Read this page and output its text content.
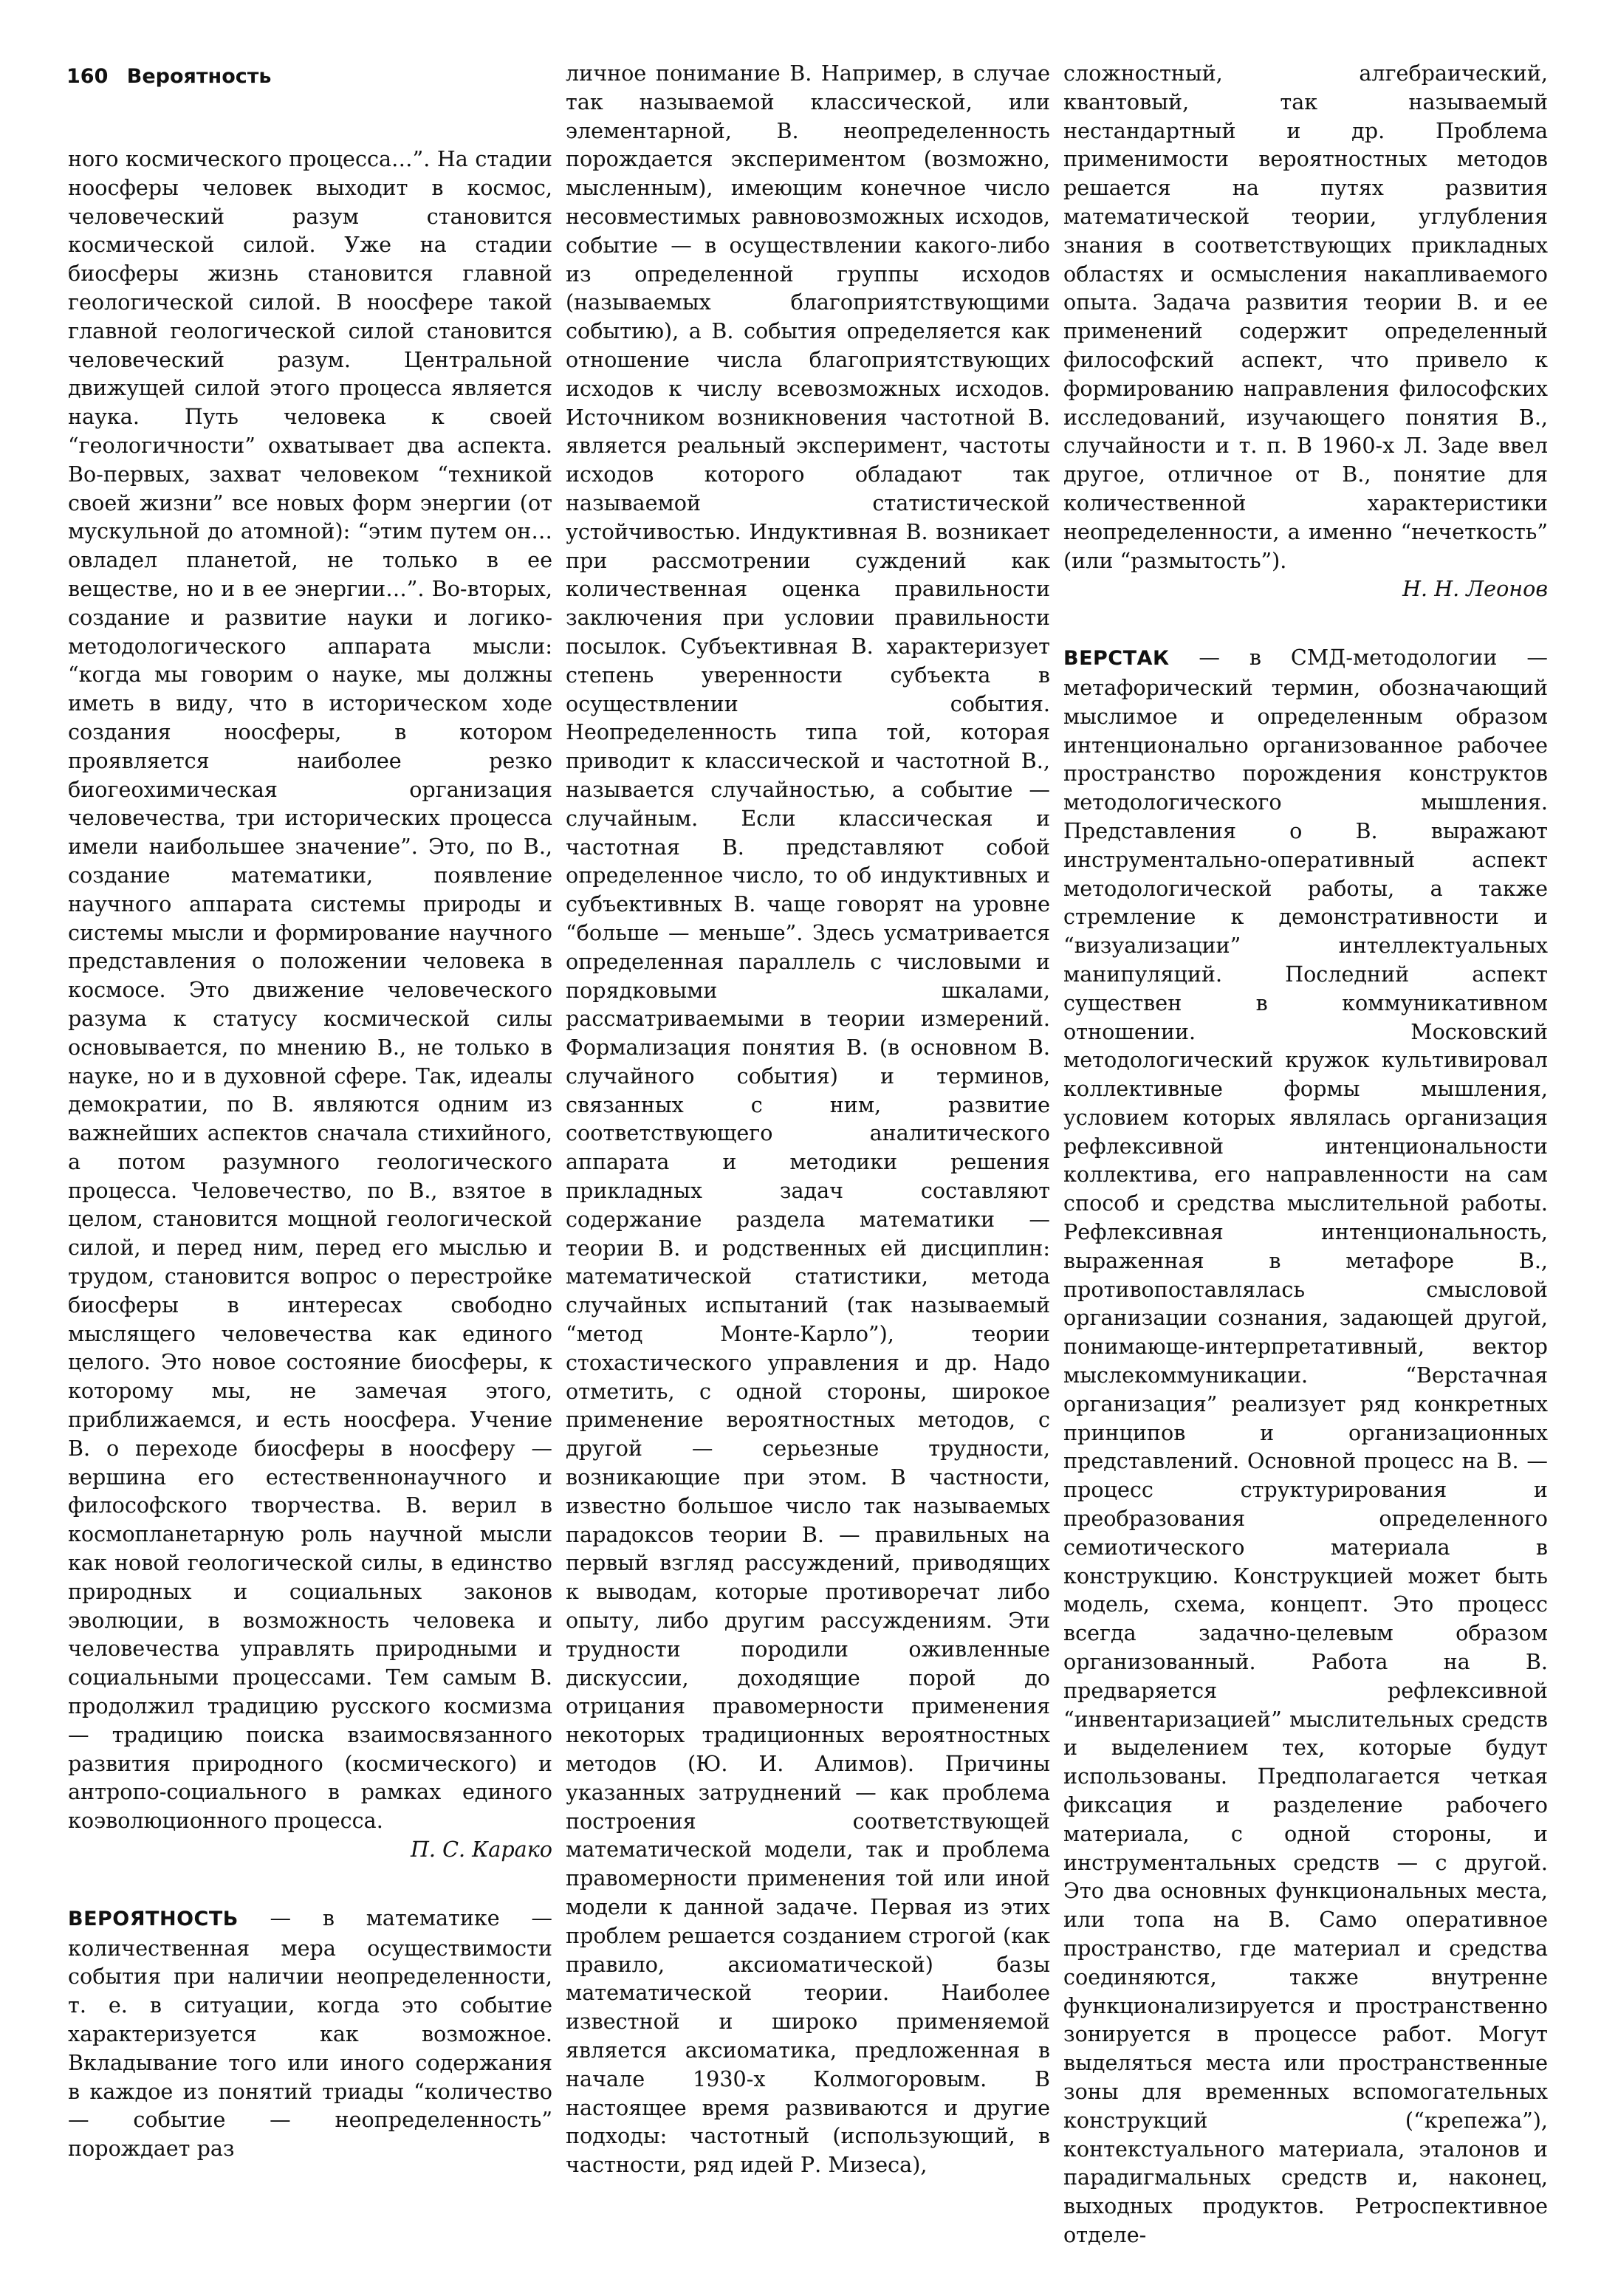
160 Вероятность

ного космического процесса…”. На стадии ноосферы человек выходит в космос, человеческий разум становится космической силой. Уже на стадии биосферы жизнь становится главной геологической силой. В ноосфере такой главной геологической силой становится человеческий разум. Центральной движущей силой этого процесса является наука. Путь человека к своей “геологичности” охватывает два аспекта. Во-первых, захват человеком “техникой своей жизни” все новых форм энергии (от мускульной до атомной): “этим путем он… овладел планетой, не только в ее веществе, но и в ее энергии…”. Во-вторых, создание и развитие науки и логико-методологического аппарата мысли: “когда мы говорим о науке, мы должны иметь в виду, что в историческом ходе создания ноосферы, в котором проявляется наиболее резко биогеохимическая организация человечества, три исторических процесса имели наибольшее значение”. Это, по В., создание математики, появление научного аппарата системы природы и системы мысли и формирование научного представления о положении человека в космосе. Это движение человеческого разума к статусу космической силы основывается, по мнению В., не только в науке, но и в духовной сфере. Так, идеалы демократии, по В. являются одним из важнейших аспектов сначала стихийного, а потом разумного геологического процесса. Человечество, по В., взятое в целом, становится мощной геологической силой, и перед ним, перед его мыслью и трудом, становится вопрос о перестройке биосферы в интересах свободно мыслящего человечества как единого целого. Это новое состояние биосферы, к которому мы, не замечая этого, приближаемся, и есть ноосфера. Учение В. о переходе биосферы в ноосферу — вершина его естественнонаучного и философского творчества. В. верил в космопланетарную роль научной мысли как новой геологической силы, в единство природных и социальных законов эволюции, в возможность человека и человечества управлять природными и социальными процессами. Тем самым В. продолжил традицию русского космизма — традицию поиска взаимосвязанного развития природного (космического) и антропо-социального в рамках единого коэволюционного процесса.

П. С. Карако

ВЕРОЯТНОСТЬ — в математике — количественная мера осуществимости события при наличии неопределенности, т. е. в ситуации, когда это событие характеризуется как возможное. Вкладывание того или иного содержания в каждое из понятий триады “количество — событие — неопределенность” порождает раз

личное понимание В. Например, в случае так называемой классической, или элементарной, В. неопределенность порождается экспериментом (возможно, мысленным), имеющим конечное число несовместимых равновозможных исходов, событие — в осуществлении какого-либо из определенной группы исходов (называемых благоприятствующими событию), а В. события определяется как отношение числа благоприятствующих исходов к числу всевозможных исходов. Источником возникновения частотной В. является реальный эксперимент, частоты исходов которого обладают так называемой статистической устойчивостью. Индуктивная В. возникает при рассмотрении суждений как количественная оценка правильности заключения при условии правильности посылок. Субъективная В. характеризует степень уверенности субъекта в осуществлении события. Неопределенность типа той, которая приводит к классической и частотной В., называется случайностью, а событие — случайным. Если классическая и частотная В. представляют собой определенное число, то об индуктивных и субъективных В. чаще говорят на уровне “больше — меньше”. Здесь усматривается определенная параллель с числовыми и порядковыми шкалами, рассматриваемыми в теории измерений. Формализация понятия В. (в основном В. случайного события) и терминов, связанных с ним, развитие соответствующего аналитического аппарата и методики решения прикладных задач составляют содержание раздела математики — теории В. и родственных ей дисциплин: математической статистики, метода случайных испытаний (так называемый “метод Монте-Карло”), теории стохастического управления и др. Надо отметить, с одной стороны, широкое применение вероятностных методов, с другой — серьезные трудности, возникающие при этом. В частности, известно большое число так называемых парадоксов теории В. — правильных на первый взгляд рассуждений, приводящих к выводам, которые противоречат либо опыту, либо другим рассуждениям. Эти трудности породили оживленные дискуссии, доходящие порой до отрицания правомерности применения некоторых традиционных вероятностных методов (Ю. И. Алимов). Причины указанных затруднений — как проблема построения соответствующей математической модели, так и проблема правомерности применения той или иной модели к данной задаче. Первая из этих проблем решается созданием строгой (как правило, аксиоматической) базы математической теории. Наиболее известной и широко применяемой является аксиоматика, предложенная в начале 1930-х Колмогоровым. В настоящее время развиваются и другие подходы: частотный (использующий, в частности, ряд идей Р. Мизеса),

сложностный, алгебраический, квантовый, так называемый нестандартный и др. Проблема применимости вероятностных методов решается на путях развития математической теории, углубления знания в соответствующих прикладных областях и осмысления накапливаемого опыта. Задача развития теории В. и ее применений содержит определенный философский аспект, что привело к формированию направления философских исследований, изучающего понятия В., случайности и т. п. В 1960-х Л. Заде ввел другое, отличное от В., понятие для количественной характеристики неопределенности, а именно “нечеткость” (или “размытость”).

Н. Н. Леонов

ВЕРСТАК — в СМД-методологии — метафорический термин, обозначающий мыслимое и определенным образом интенционально организованное рабочее пространство порождения конструктов методологического мышления. Представления о В. выражают инструментально-оперативный аспект методологической работы, а также стремление к демонстративности и “визуализации” интеллектуальных манипуляций. Последний аспект существен в коммуникативном отношении. Московский методологический кружок культивировал коллективные формы мышления, условием которых являлась организация рефлексивной интенциональности коллектива, его направленности на сам способ и средства мыслительной работы. Рефлексивная интенциональность, выраженная в метафоре В., противопоставлялась смысловой организации сознания, задающей другой, понимающе-интерпретативный, вектор мыслекоммуникации. “Верстачная организация” реализует ряд конкретных принципов и организационных представлений. Основной процесс на В. — процесс структурирования и преобразования определенного семиотического материала в конструкцию. Конструкцией может быть модель, схема, концепт. Это процесс всегда задачно-целевым образом организованный. Работа на В. предваряется рефлексивной “инвентаризацией” мыслительных средств и выделением тех, которые будут использованы. Предполагается четкая фиксация и разделение рабочего материала, с одной стороны, и инструментальных средств — с другой. Это два основных функциональных места, или топа на В. Само оперативное пространство, где материал и средства соединяются, также внутренне функционализируется и пространственно зонируется в процессе работ. Могут выделяться места или пространственные зоны для временных вспомогательных конструкций (“крепежа”), контекстуального материала, эталонов и парадигмальных средств и, наконец, выходных продуктов. Ретроспективное отделе-
